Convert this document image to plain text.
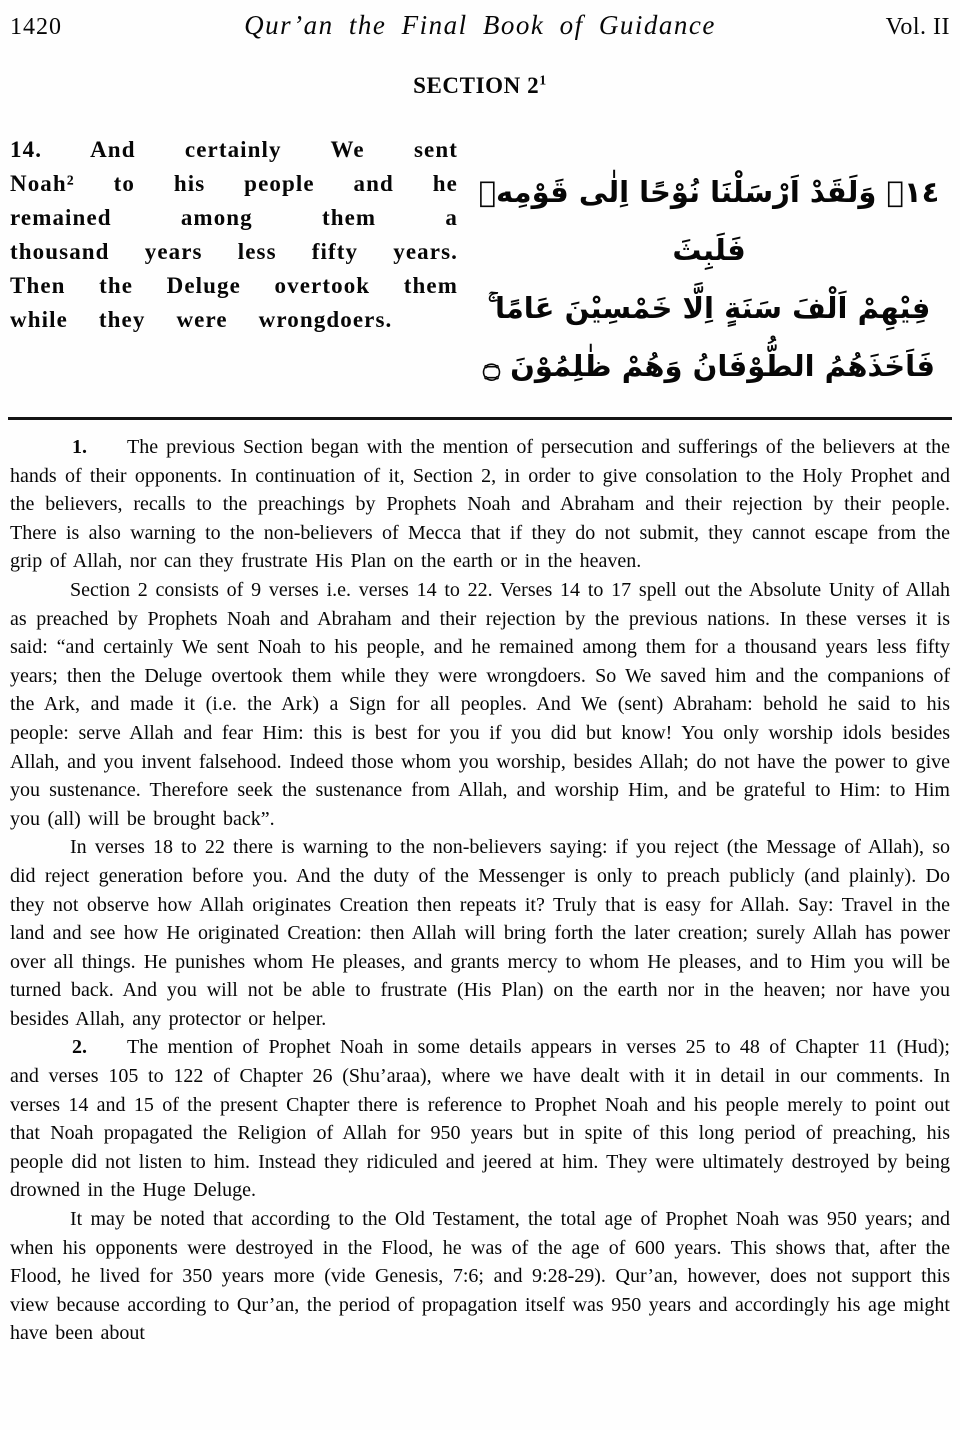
1420	Qur’an the Final Book of Guidance	Vol. II
SECTION $2^1$
14. And certainly We sent Noah² to his people and he remained among them a thousand years less fifty years. Then the Deluge overtook them while they were wrongdoers.
١٤۔ وَلَقَدْ اَرْسَلْنَا نُوْحًا اِلٰى قَوْمِهٖ فَلَبِثَ
فِيْهِمْ اَلْفَ سَنَةٍ اِلَّا خَمْسِيْنَ عَامًا ۚ
فَاَخَذَهُمُ الطُّوْفَانُ وَهُمْ ظٰلِمُوْنَ ۝

1. The previous Section began with the mention of persecution and sufferings of the believers at the hands of their opponents. In continuation of it, Section 2, in order to give consolation to the Holy Prophet and the believers, recalls to the preachings by Prophets Noah and Abraham and their rejection by their people. There is also warning to the non-believers of Mecca that if they do not submit, they cannot escape from the grip of Allah, nor can they frustrate His Plan on the earth or in the heaven.

Section 2 consists of 9 verses i.e. verses 14 to 22. Verses 14 to 17 spell out the Absolute Unity of Allah as preached by Prophets Noah and Abraham and their rejection by the previous nations. In these verses it is said: “and certainly We sent Noah to his people, and he remained among them for a thousand years less fifty years; then the Deluge overtook them while they were wrongdoers. So We saved him and the companions of the Ark, and made it (i.e. the Ark) a Sign for all peoples. And We (sent) Abraham: behold he said to his people: serve Allah and fear Him: this is best for you if you did but know! You only worship idols besides Allah, and you invent falsehood. Indeed those whom you worship, besides Allah; do not have the power to give you sustenance. Therefore seek the sustenance from Allah, and worship Him, and be grateful to Him: to Him you (all) will be brought back”.

In verses 18 to 22 there is warning to the non-believers saying: if you reject (the Message of Allah), so did reject generation before you. And the duty of the Messenger is only to preach publicly (and plainly). Do they not observe how Allah originates Creation then repeats it? Truly that is easy for Allah. Say: Travel in the land and see how He originated Creation: then Allah will bring forth the later creation; surely Allah has power over all things. He punishes whom He pleases, and grants mercy to whom He pleases, and to Him you will be turned back. And you will not be able to frustrate (His Plan) on the earth nor in the heaven; nor have you besides Allah, any protector or helper.

2. The mention of Prophet Noah in some details appears in verses 25 to 48 of Chapter 11 (Hud); and verses 105 to 122 of Chapter 26 (Shu’araa), where we have dealt with it in detail in our comments. In verses 14 and 15 of the present Chapter there is reference to Prophet Noah and his people merely to point out that Noah propagated the Religion of Allah for 950 years but in spite of this long period of preaching, his people did not listen to him. Instead they ridiculed and jeered at him. They were ultimately destroyed by being drowned in the Huge Deluge.

It may be noted that according to the Old Testament, the total age of Prophet Noah was 950 years; and when his opponents were destroyed in the Flood, he was of the age of 600 years. This shows that, after the Flood, he lived for 350 years more (vide Genesis, 7:6; and 9:28-29). Qur’an, however, does not support this view because according to Qur’an, the period of propagation itself was 950 years and accordingly his age might have been about
